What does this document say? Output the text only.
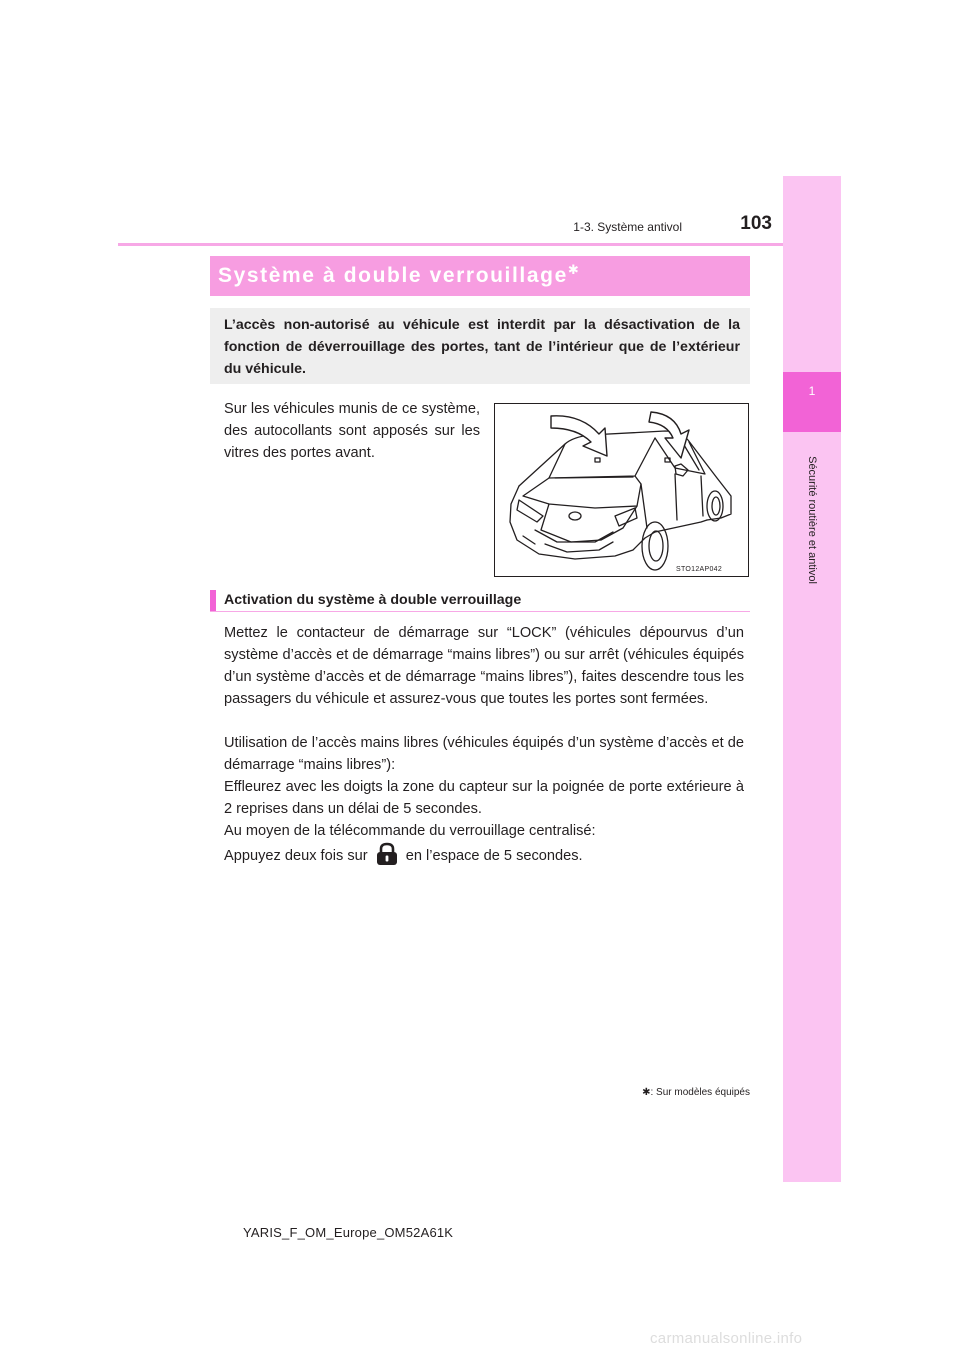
1
Sécurité routière et antivol
1-3. Système antivol	103
Système à double verrouillage✱
L’accès non-autorisé au véhicule est interdit par la désactivation de la fonction de déverrouillage des portes, tant de l’intérieur que de l’extérieur du véhicule.
Sur les véhicules munis de ce système, des autocollants sont apposés sur les vitres des portes avant.
STO12AP042
Activation du système à double verrouillage
Mettez le contacteur de démarrage sur “LOCK” (véhicules dépourvus d’un système d’accès et de démarrage “mains libres”) ou sur arrêt (véhicules équipés d’un système d’accès et de démarrage “mains libres”), faites descendre tous les passagers du véhicule et assurez-vous que toutes les portes sont fermées.
Utilisation de l’accès mains libres (véhicules équipés d’un système d’accès et de démarrage “mains libres”):
Effleurez avec les doigts la zone du capteur sur la poignée de porte extérieure à 2 reprises dans un délai de 5 secondes.
Au moyen de la télécommande du verrouillage centralisé:
Appuyez deux fois sur	en l’espace de 5 secondes.
✱: Sur modèles équipés
YARIS_F_OM_Europe_OM52A61K
carmanualsonline.info
